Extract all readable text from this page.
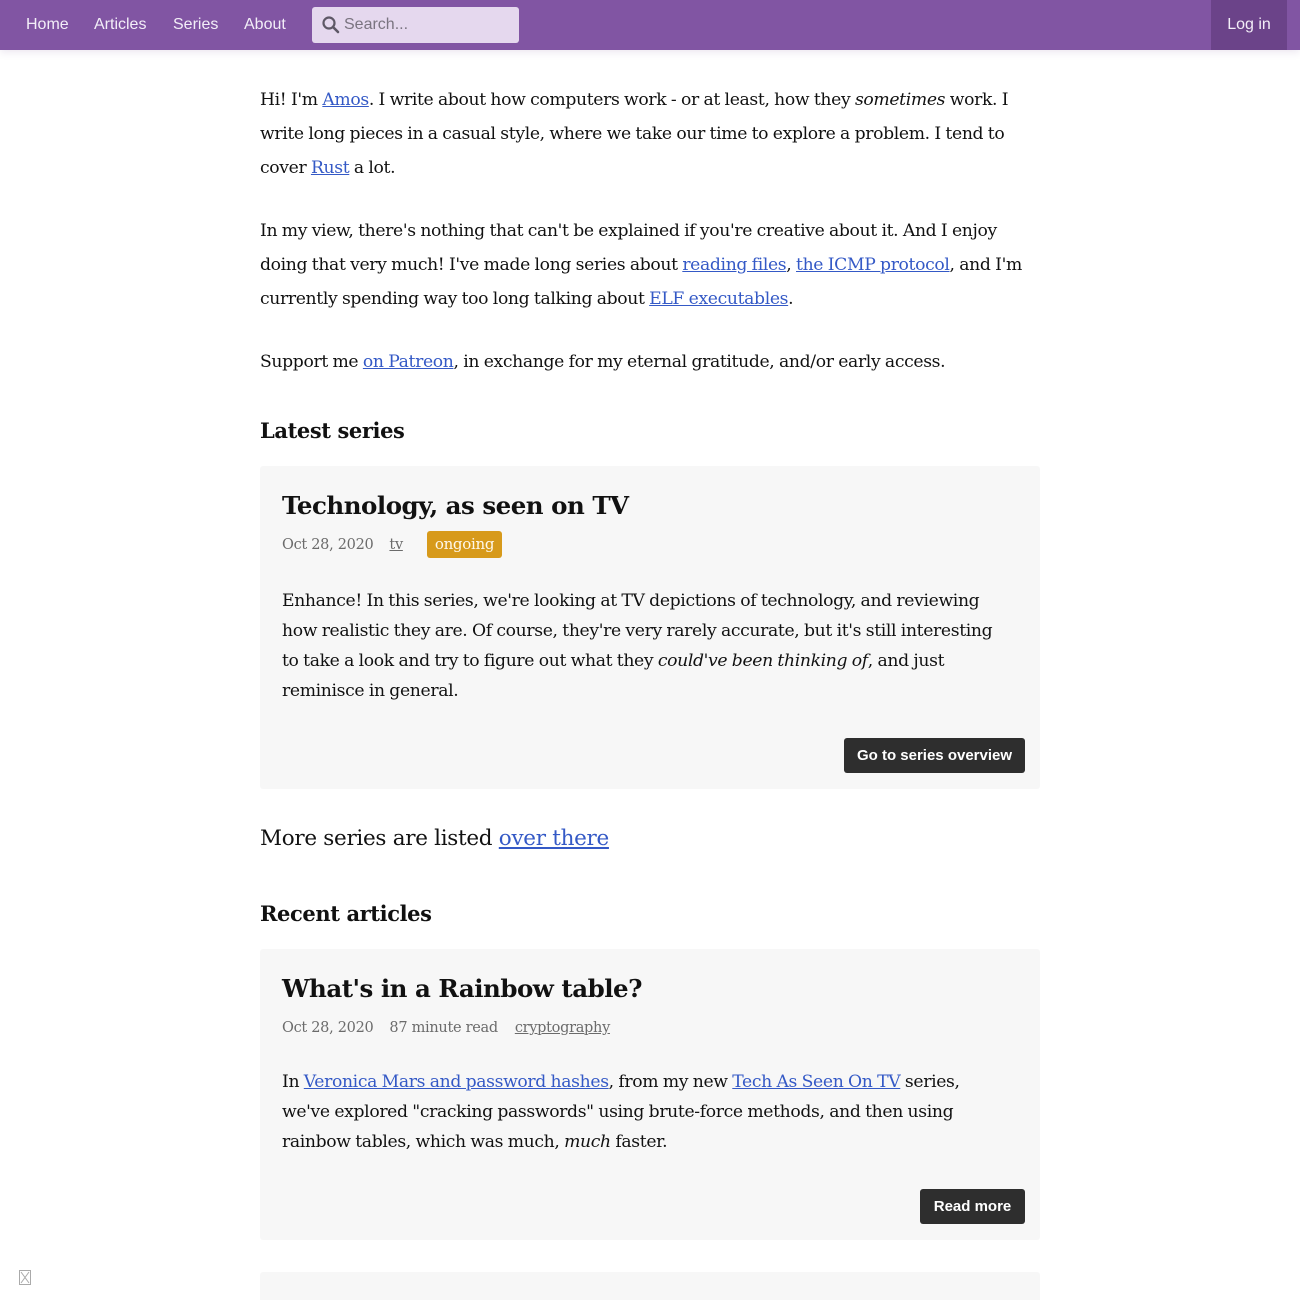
Home Articles Series About
Search...	Log in

Hi! I'm Amos. I write about how computers work - or at least, how they sometimes work. I write long pieces in a casual style, where we take our time to explore a problem. I tend to cover Rust a lot.

In my view, there's nothing that can't be explained if you're creative about it. And I enjoy doing that very much! I've made long series about reading files, the ICMP protocol, and I'm currently spending way too long talking about ELF executables.

Support me on Patreon, in exchange for my eternal gratitude, and/or early access.

Latest series
Technology, as seen on TV
Oct 28, 2020 tv	ongoing

Enhance! In this series, we're looking at TV depictions of technology, and reviewing how realistic they are. Of course, they're very rarely accurate, but it's still interesting to take a look and try to figure out what they could've been thinking of, and just reminisce in general.

Go to series overview

More series are listed over there

Recent articles
What's in a Rainbow table?
Oct 28, 2020 87 minute read cryptography

In Veronica Mars and password hashes, from my new Tech As Seen On TV series, we've explored "cracking passwords" using brute-force methods, and then using rainbow tables, which was much, much faster.

Read more
